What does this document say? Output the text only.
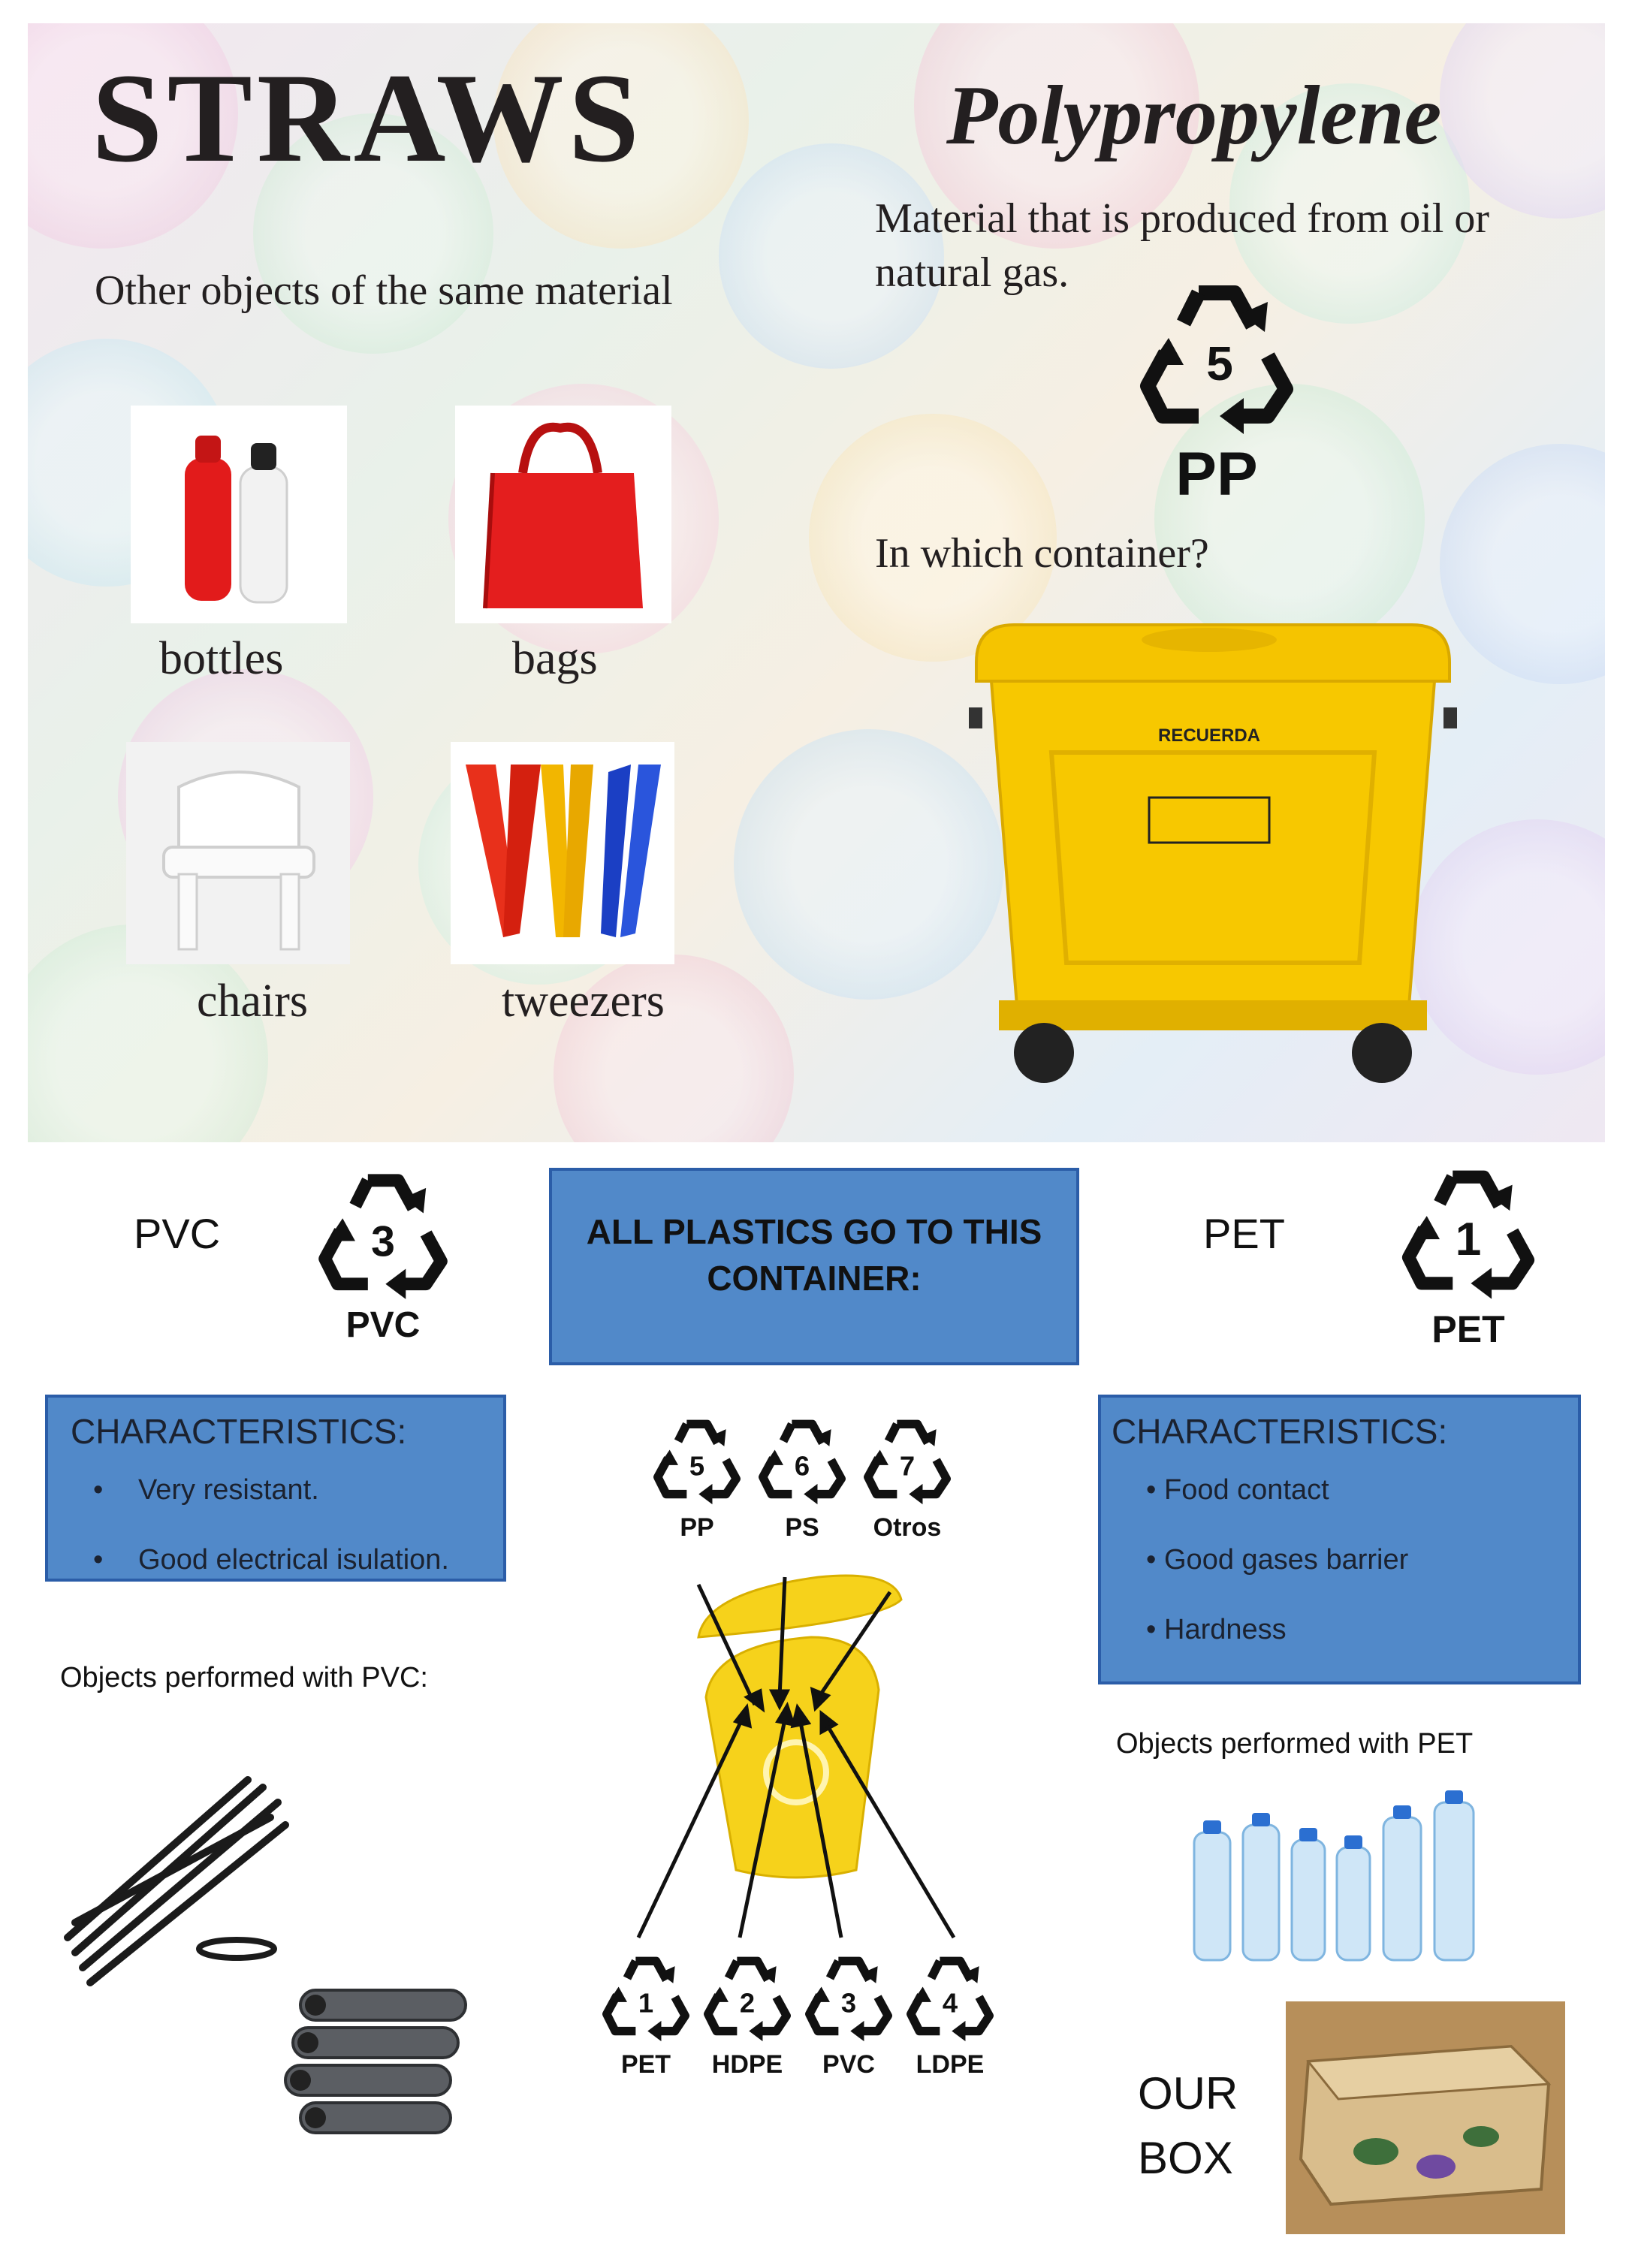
STRAWS	Polypropylene
Other objects of the same material
Material that is produced from oil or natural gas.
5
PP
In which container?
bottles	bags
chairs	tweezers
RECUERDA
PVC	3
PVC
ALL PLASTICS GO TO THIS CONTAINER:
PET	1
PET
CHARACTERISTICS:
• Very resistant.
• Good electrical isulation.
CHARACTERISTICS:
• Food contact
• Good gases barrier
• Hardness
5
PP
6
PS
7
Otros
1
PET
2
HDPE
3
PVC
4
LDPE
Objects performed with PVC:
Objects performed with PET
OUR BOX
